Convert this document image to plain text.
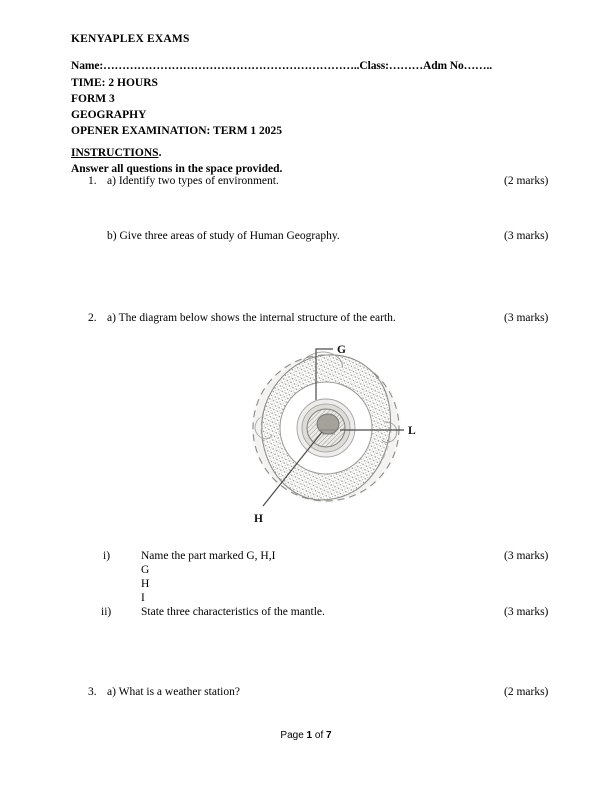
KENYAPLEX EXAMS
Name:…………………………………………………………..Class:………Adm No……..
TIME: 2 HOURS
FORM 3
GEOGRAPHY
OPENER EXAMINATION: TERM 1 2025
INSTRUCTIONS.
Answer all questions in the space provided.
1. a) Identify two types of environment.	(2 marks)
b) Give three areas of study of Human Geography.	(3 marks)
2. a) The diagram below shows the internal structure of the earth.	(3 marks)
G
L
H
i)	Name the part marked G, H,I	(3 marks)
G
H
I
ii)	State three characteristics of the mantle.	(3 marks)
3. a) What is a weather station?	(2 marks)
Page 1 of 7
